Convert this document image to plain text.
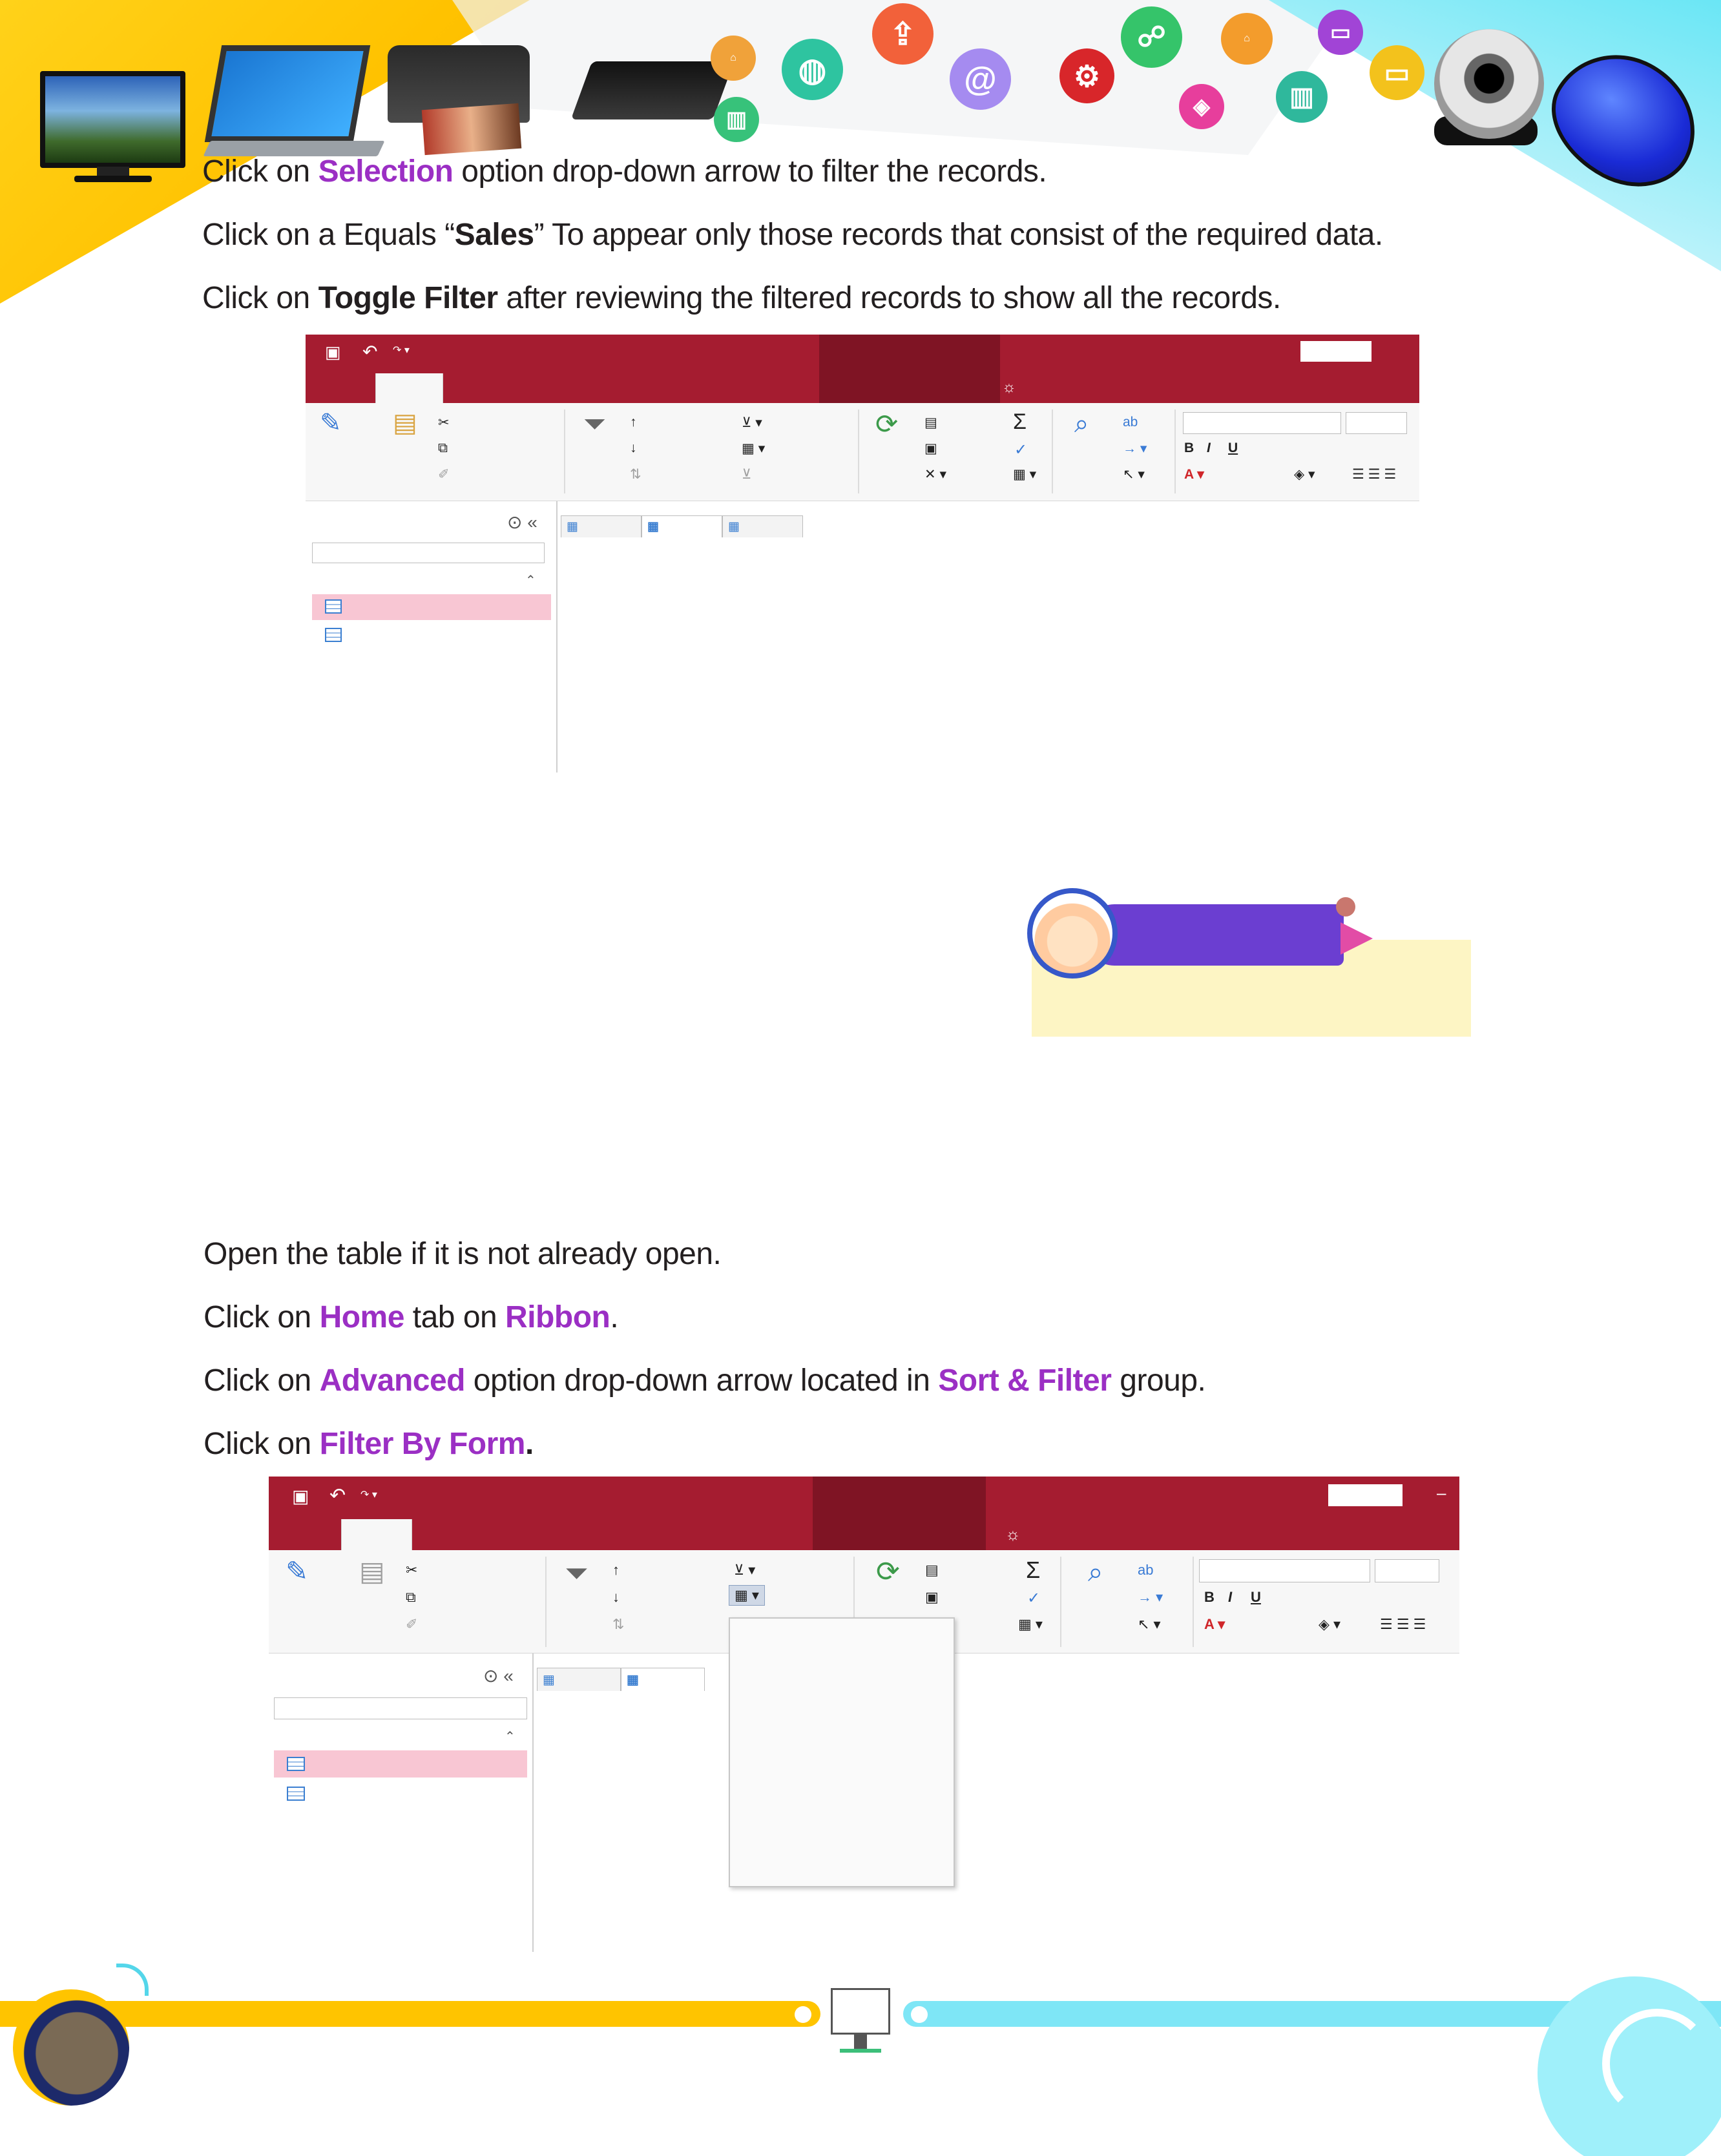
⌂	◍
▥
⇪
@	⚙
☍	⌂
◈
▭
▥
▭
Click on Selection option drop-down arrow to filter the records.
Click on a Equals “Sales” To appear only those records that consist of the required data.
Click on Toggle Filter after reviewing the filtered records to show all the records.
▣ ↶ ↷ ▾
☼
✎ ▤ ✂
⧉
✐
⏷ ↑
↓
⇅
⊻ ▾
▦ ▾
⊻
⟳ ▤
▣
✕ ▾
Σ
✓
▦ ▾
⌕	ab
→ ▾
↖ ▾
B I U
A ▾	◈ ▾	☰ ☰ ☰
⊙ «
⌃
▦	▦	▦
Open the table if it is not already open.
Click on Home tab on Ribbon.
Click on Advanced option drop-down arrow located in Sort & Filter group.
Click on Filter By Form.
▣ ↶ ↷ ▾	–
☼
✎ ▤ ✂
⧉
✐
⏷ ↑
↓
⇅
⊻ ▾
▦ ▾
⟳ ▤
▣
Σ
✓
▦ ▾
⌕ ab
→ ▾
↖ ▾
B I U
A ▾	◈ ▾	☰ ☰ ☰
⊙ «
⌃
▦	▦
